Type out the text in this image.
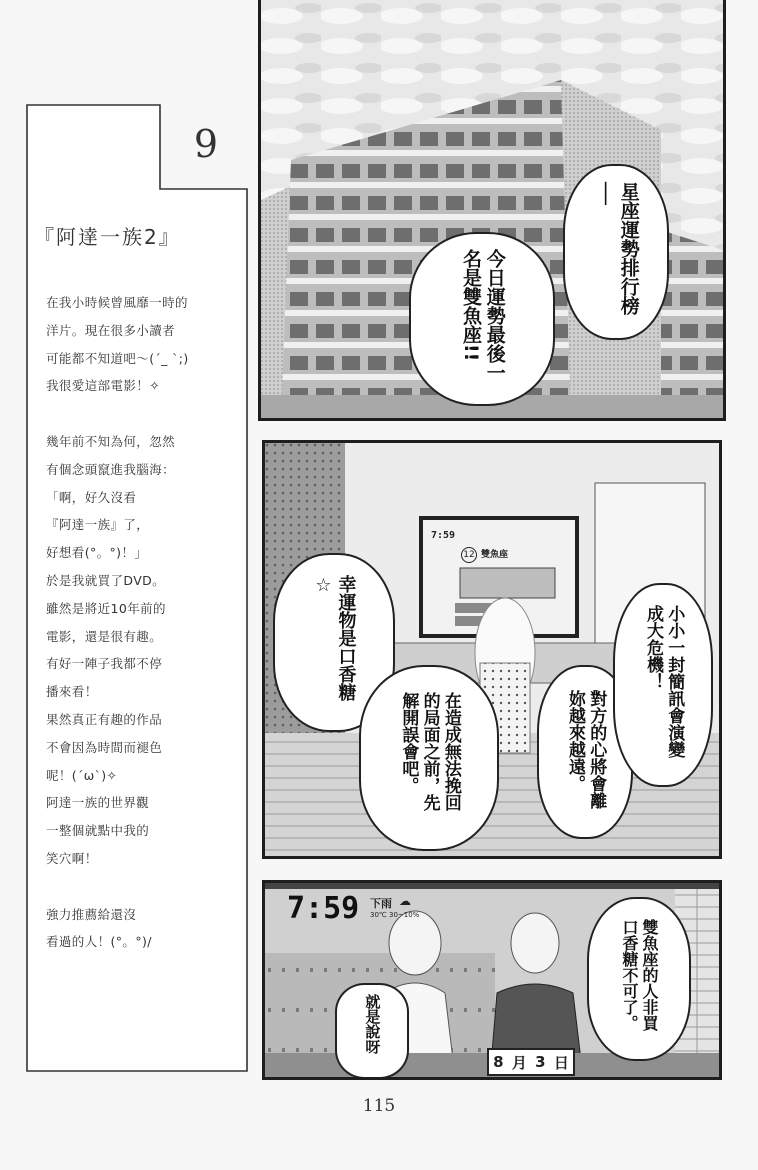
9
『阿達一族2』
在我小時候曾風靡一時的
洋片。現在很多小讀者
可能都不知道吧～(´_ `;)
我很愛這部電影！✧
幾年前不知為何，忽然
有個念頭竄進我腦海：
「啊，好久沒看
『阿達一族』了，
好想看(°。°)！」
於是我就買了DVD。
雖然是將近10年前的
電影，還是很有趣。
有好一陣子我都不停
播來看！
果然真正有趣的作品
不會因為時間而褪色
呢！(´ω`)✧
阿達一族的世界觀
一整個就點中我的
笑穴啊！
強力推薦給還沒
看過的人！(°。°)/
星座運勢排行榜──
今日運勢最後一名是雙魚座!!
7:59
12 雙魚座
幸運物是口香糖☆
在造成無法挽回的局面之前，先解開誤會吧。	對方的心將會離妳越來越遠。	小小一封簡訊會演變成大危機！
7:59 下雨 ☁
30℃ 30~10%
8 月 3 日
就是說呀	雙魚座的人非買口香糖不可了。
115
